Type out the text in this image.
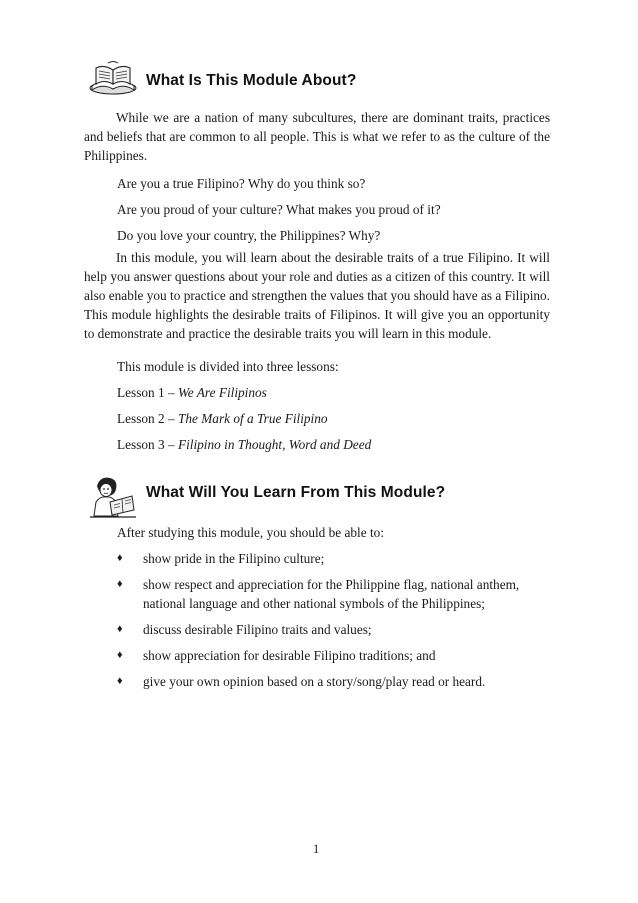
What Is This Module About?

While we are a nation of many subcultures, there are dominant traits, practices and beliefs that are common to all people. This is what we refer to as the culture of the Philippines.

Are you a true Filipino? Why do you think so?
Are you proud of your culture? What makes you proud of it?
Do you love your country, the Philippines? Why?

In this module, you will learn about the desirable traits of a true Filipino. It will help you answer questions about your role and duties as a citizen of this country. It will also enable you to practice and strengthen the values that you should have as a Filipino. This module highlights the desirable traits of Filipinos. It will give you an opportunity to demonstrate and practice the desirable traits you will learn in this module.

This module is divided into three lessons:
Lesson 1 – We Are Filipinos
Lesson 2 – The Mark of a True Filipino
Lesson 3 – Filipino in Thought, Word and Deed
What Will You Learn From This Module?
After studying this module, you should be able to:
♦ show pride in the Filipino culture;
♦ show respect and appreciation for the Philippine flag, national anthem, national language and other national symbols of the Philippines;
♦ discuss desirable Filipino traits and values;
♦ show appreciation for desirable Filipino traditions; and
♦ give your own opinion based on a story/song/play read or heard.
1
